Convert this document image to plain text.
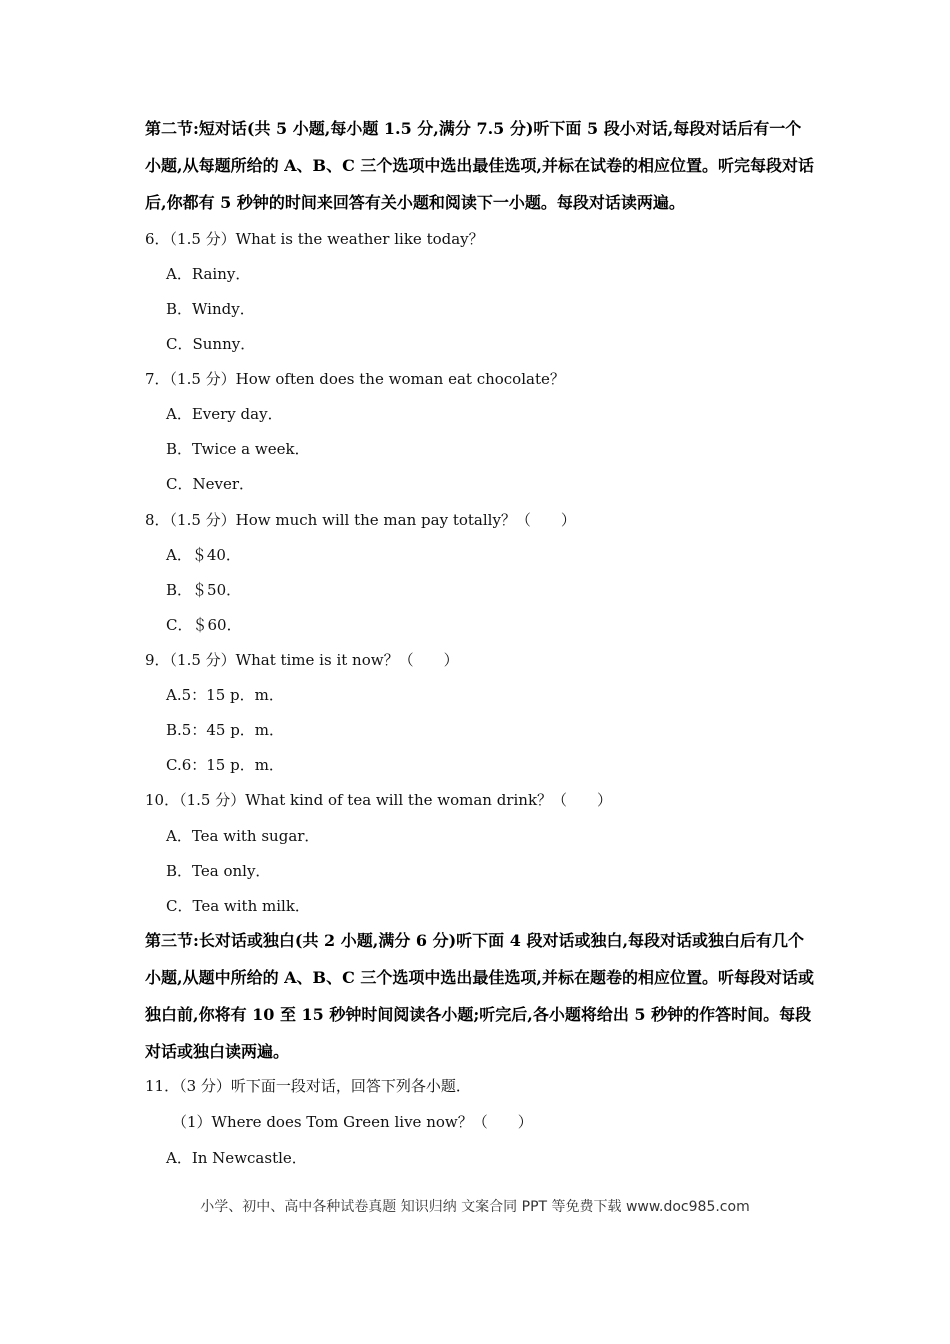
第二节:短对话(共 5 小题,每小题 1.5 分,满分 7.5 分)听下面 5 段小对话,每段对话后有一个小题,从每题所给的 A、B、C 三个选项中选出最佳选项,并标在试卷的相应位置。听完每段对话后,你都有 5 秒钟的时间来回答有关小题和阅读下一小题。每段对话读两遍。
6．（1.5 分）What is the weather like today？
A．Rainy．
B．Windy．
C．Sunny．
7．（1.5 分）How often does the woman eat chocolate？
A．Every day．
B．Twice a week．
C．Never．
8．（1.5 分）How much will the man pay totally？（　　）
A．＄40．
B．＄50．
C．＄60．
9．（1.5 分）What time is it now？（　　）
A.5：15 p．m．
B.5：45 p．m．
C.6：15 p．m．
10．（1.5 分）What kind of tea will the woman drink？（　　）
A．Tea with sugar．
B．Tea only．
C．Tea with milk．
第三节:长对话或独白(共 2 小题,满分 6 分)听下面 4 段对话或独白,每段对话或独白后有几个小题,从题中所给的 A、B、C 三个选项中选出最佳选项,并标在题卷的相应位置。听每段对话或独白前,你将有 10 至 15 秒钟时间阅读各小题;听完后,各小题将给出 5 秒钟的作答时间。每段对话或独白读两遍。
11．（3 分）听下面一段对话，回答下列各小题．
（1）Where does Tom Green live now？（　　）
A．In Newcastle．
小学、初中、高中各种试卷真题 知识归纳 文案合同 PPT 等免费下载 www.doc985.com
